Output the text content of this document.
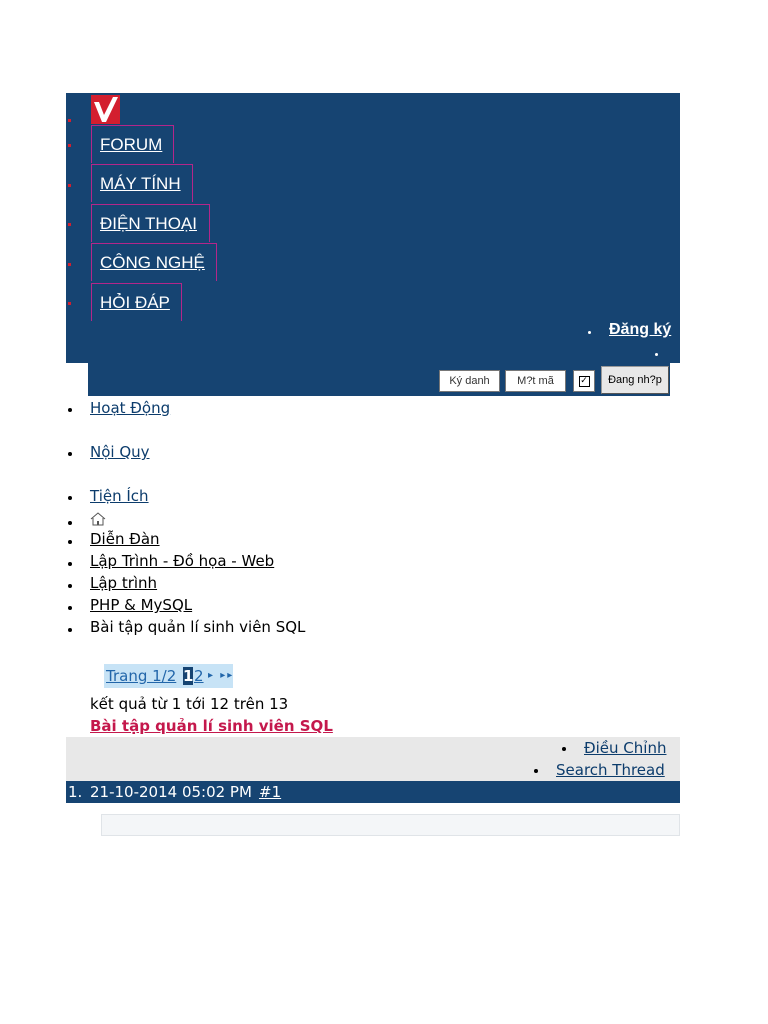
FORUM
MÁY TÍNH
ĐIỆN THOẠI
CÔNG NGHỆ
HỎI ĐÁP
Đăng ký
Ký danh	M?t mã	✓	Đang nh?p
Hoạt Động
Nội Quy
Tiện Ích
Diễn Đàn
Lập Trình - Đồ họa - Web
Lập trình
PHP & MySQL
Bài tập quản lí sinh viên SQL
Trang 1/2 1 2 ▸ ▸▸
kết quả từ 1 tới 12 trên 13
Bài tập quản lí sinh viên SQL
Điều Chỉnh
Search Thread
1. 21-10-2014 05:02 PM #1
